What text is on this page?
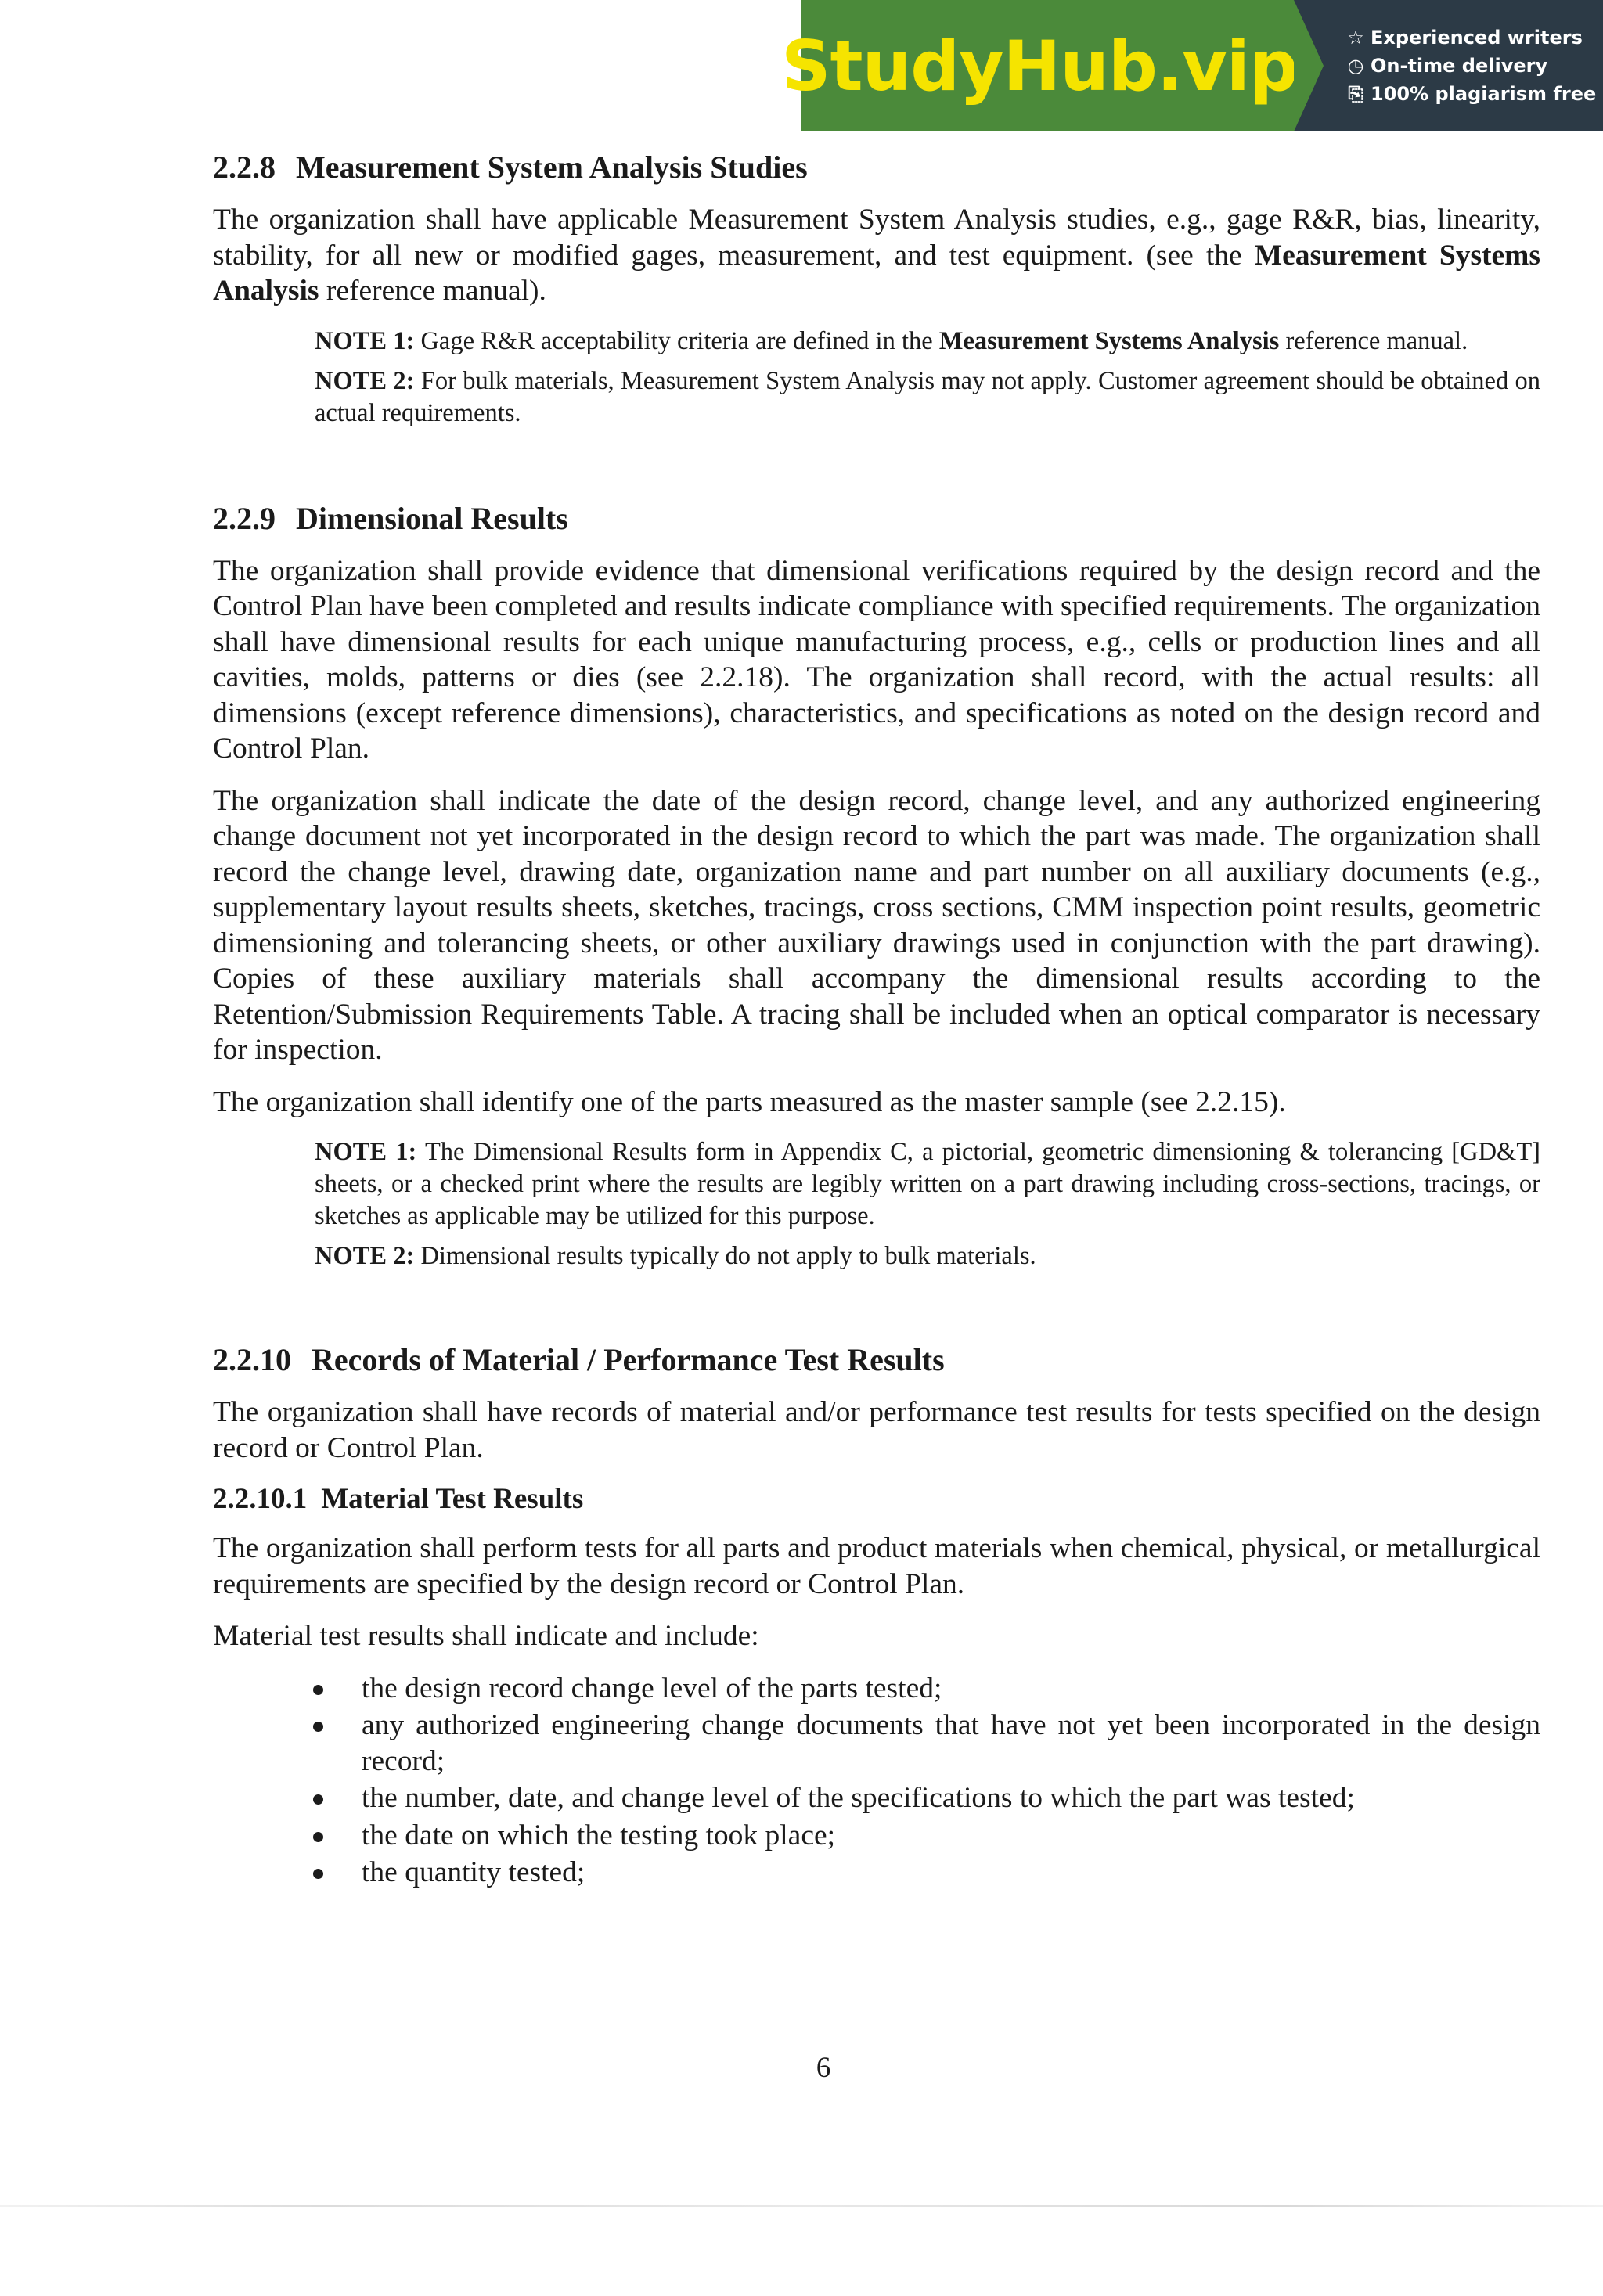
StudyHub.vip	☆ Experienced writers
◷ On-time delivery
⎘ 100% plagiarism free
2.2.8 Measurement System Analysis Studies

The organization shall have applicable Measurement System Analysis studies, e.g., gage R&R, bias, linearity, stability, for all new or modified gages, measurement, and test equipment. (see the Measurement Systems Analysis reference manual).

NOTE 1: Gage R&R acceptability criteria are defined in the Measurement Systems Analysis reference manual.
NOTE 2: For bulk materials, Measurement System Analysis may not apply. Customer agreement should be obtained on actual requirements.
2.2.9 Dimensional Results

The organization shall provide evidence that dimensional verifications required by the design record and the Control Plan have been completed and results indicate compliance with specified requirements. The organization shall have dimensional results for each unique manufacturing process, e.g., cells or production lines and all cavities, molds, patterns or dies (see 2.2.18). The organization shall record, with the actual results: all dimensions (except reference dimensions), characteristics, and specifications as noted on the design record and Control Plan.

The organization shall indicate the date of the design record, change level, and any authorized engineering change document not yet incorporated in the design record to which the part was made. The organization shall record the change level, drawing date, organization name and part number on all auxiliary documents (e.g., supplementary layout results sheets, sketches, tracings, cross sections, CMM inspection point results, geometric dimensioning and tolerancing sheets, or other auxiliary drawings used in conjunction with the part drawing). Copies of these auxiliary materials shall accompany the dimensional results according to the Retention/Submission Requirements Table. A tracing shall be included when an optical comparator is necessary for inspection.

The organization shall identify one of the parts measured as the master sample (see 2.2.15).

NOTE 1: The Dimensional Results form in Appendix C, a pictorial, geometric dimensioning & tolerancing [GD&T] sheets, or a checked print where the results are legibly written on a part drawing including cross-sections, tracings, or sketches as applicable may be utilized for this purpose.
NOTE 2: Dimensional results typically do not apply to bulk materials.
2.2.10 Records of Material / Performance Test Results

The organization shall have records of material and/or performance test results for tests specified on the design record or Control Plan.

2.2.10.1 Material Test Results

The organization shall perform tests for all parts and product materials when chemical, physical, or metallurgical requirements are specified by the design record or Control Plan.

Material test results shall indicate and include:

the design record change level of the parts tested;
any authorized engineering change documents that have not yet been incorporated in the design record;
the number, date, and change level of the specifications to which the part was tested;
the date on which the testing took place;
the quantity tested;
6
